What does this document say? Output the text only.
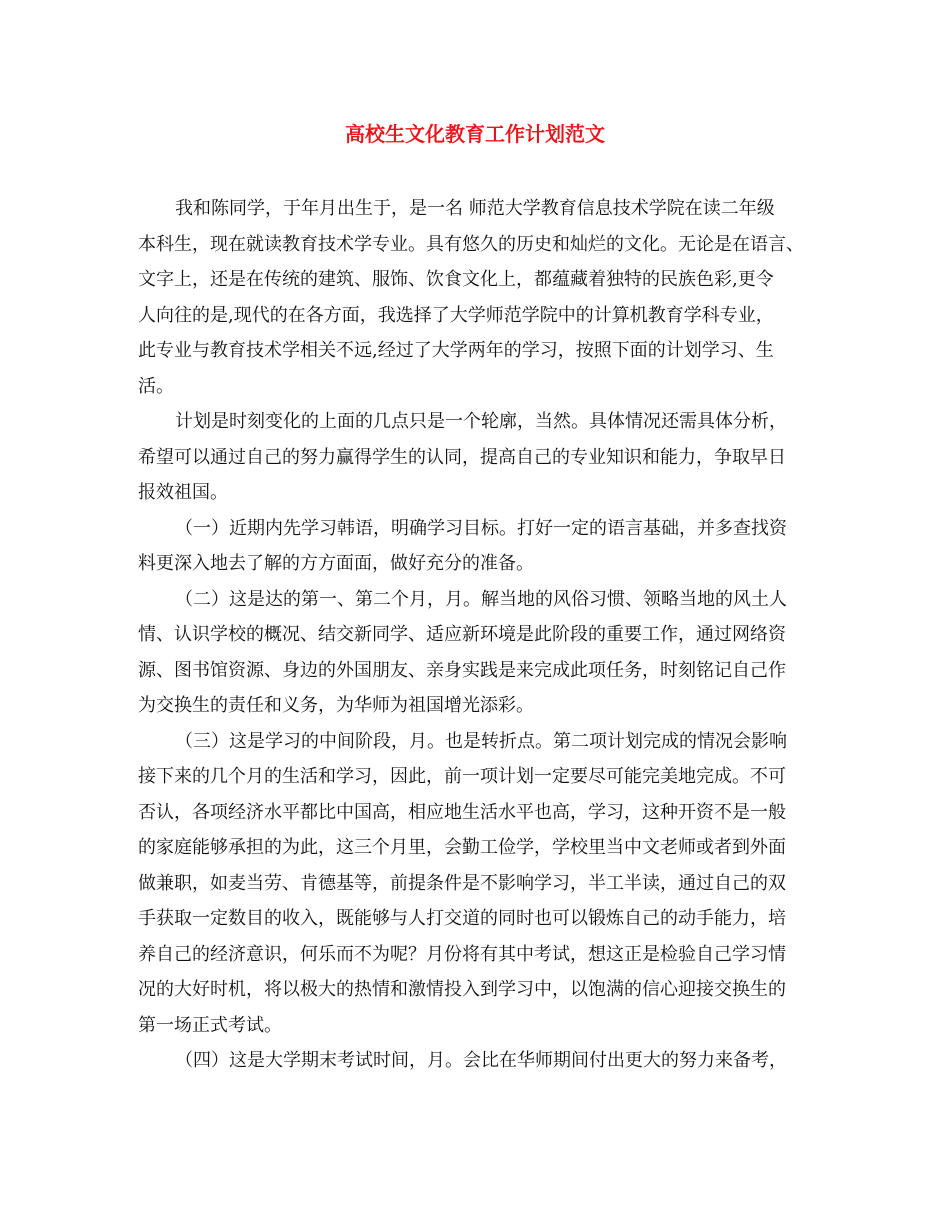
高校生文化教育工作计划范文

我和陈同学，于年月出生于，是一名 师范大学教育信息技术学院在读二年级

本科生，现在就读教育技术学专业。具有悠久的历史和灿烂的文化。无论是在语言、

文字上，还是在传统的建筑、服饰、饮食文化上，都蕴藏着独特的民族色彩,更令

人向往的是,现代的在各方面，我选择了大学师范学院中的计算机教育学科专业，

此专业与教育技术学相关不远,经过了大学两年的学习，按照下面的计划学习、生

活。

计划是时刻变化的上面的几点只是一个轮廓，当然。具体情况还需具体分析，

希望可以通过自己的努力赢得学生的认同，提高自己的专业知识和能力，争取早日

报效祖国。

（一）近期内先学习韩语，明确学习目标。打好一定的语言基础，并多查找资

料更深入地去了解的方方面面，做好充分的准备。

（二）这是达的第一、第二个月，月。解当地的风俗习惯、领略当地的风土人

情、认识学校的概况、结交新同学、适应新环境是此阶段的重要工作，通过网络资

源、图书馆资源、身边的外国朋友、亲身实践是来完成此项任务，时刻铭记自己作

为交换生的责任和义务，为华师为祖国增光添彩。

（三）这是学习的中间阶段，月。也是转折点。第二项计划完成的情况会影响

接下来的几个月的生活和学习，因此，前一项计划一定要尽可能完美地完成。不可

否认，各项经济水平都比中国高，相应地生活水平也高，学习，这种开资不是一般

的家庭能够承担的为此，这三个月里，会勤工俭学，学校里当中文老师或者到外面

做兼职，如麦当劳、肯德基等，前提条件是不影响学习，半工半读，通过自己的双

手获取一定数目的收入，既能够与人打交道的同时也可以锻炼自己的动手能力，培

养自己的经济意识，何乐而不为呢？月份将有其中考试，想这正是检验自己学习情

况的大好时机，将以极大的热情和激情投入到学习中，以饱满的信心迎接交换生的

第一场正式考试。

（四）这是大学期末考试时间，月。会比在华师期间付出更大的努力来备考，
